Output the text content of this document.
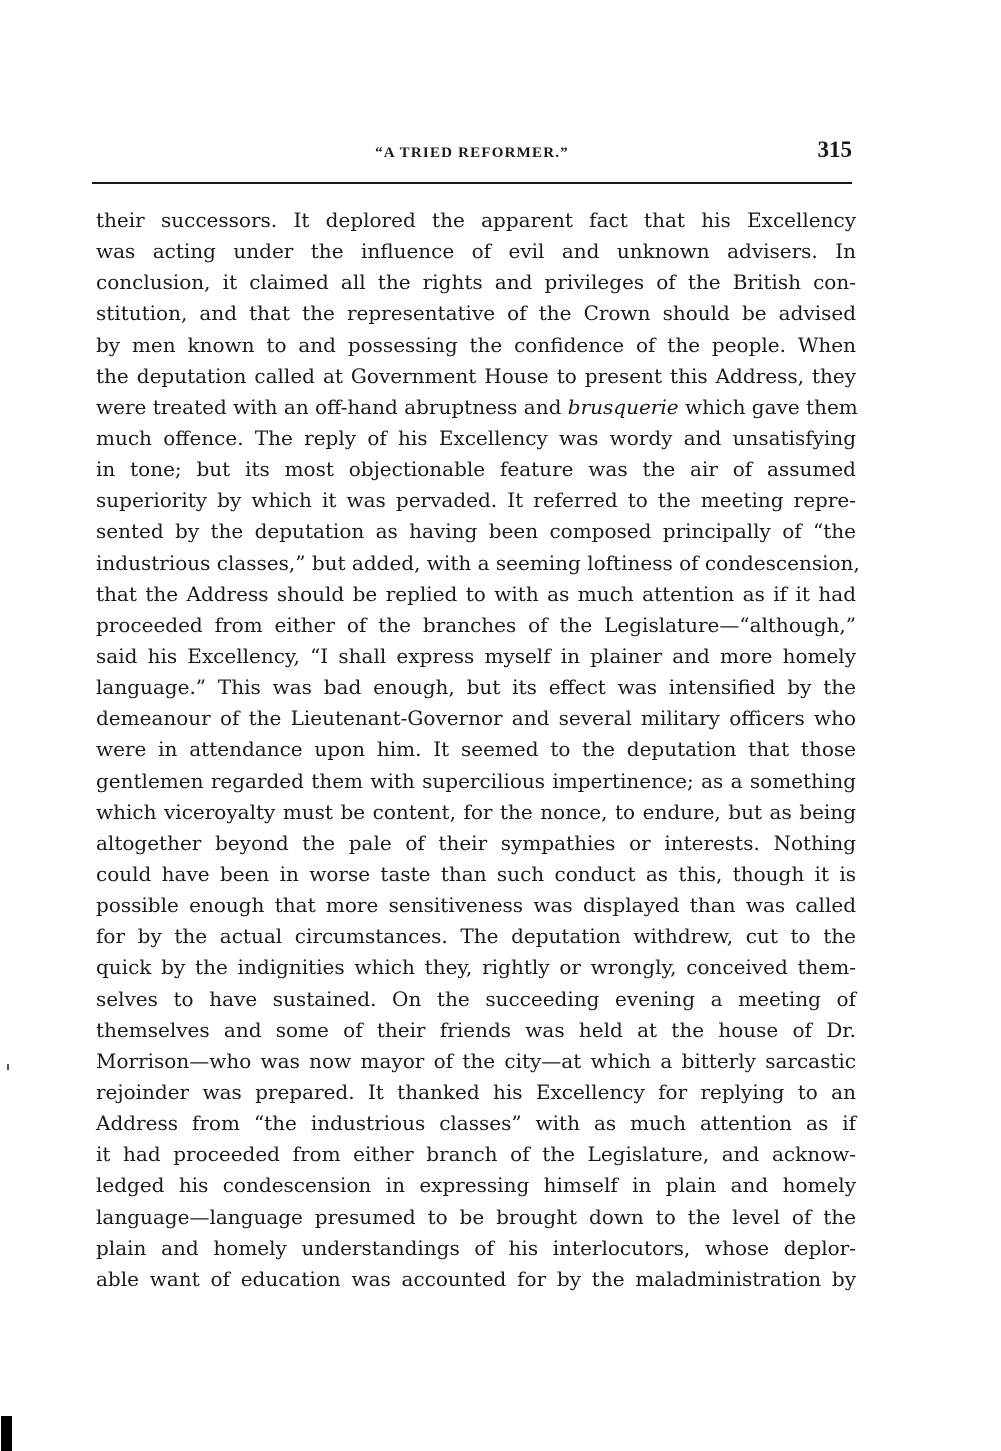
“A TRIED REFORMER.”	315
their successors. It deplored the apparent fact that his Excellency
was acting under the influence of evil and unknown advisers. In
conclusion, it claimed all the rights and privileges of the British con-
stitution, and that the representative of the Crown should be advised
by men known to and possessing the confidence of the people. When
the deputation called at Government House to present this Address, they
were treated with an off-hand abruptness and brusquerie which gave them
much offence. The reply of his Excellency was wordy and unsatisfying
in tone; but its most objectionable feature was the air of assumed
superiority by which it was pervaded. It referred to the meeting repre-
sented by the deputation as having been composed principally of “the
industrious classes,” but added, with a seeming loftiness of condescension,
that the Address should be replied to with as much attention as if it had
proceeded from either of the branches of the Legislature—“although,”
said his Excellency, “I shall express myself in plainer and more homely
language.” This was bad enough, but its effect was intensified by the
demeanour of the Lieutenant-Governor and several military officers who
were in attendance upon him. It seemed to the deputation that those
gentlemen regarded them with supercilious impertinence; as a something
which viceroyalty must be content, for the nonce, to endure, but as being
altogether beyond the pale of their sympathies or interests. Nothing
could have been in worse taste than such conduct as this, though it is
possible enough that more sensitiveness was displayed than was called
for by the actual circumstances. The deputation withdrew, cut to the
quick by the indignities which they, rightly or wrongly, conceived them-
selves to have sustained. On the succeeding evening a meeting of
themselves and some of their friends was held at the house of Dr.
Morrison—who was now mayor of the city—at which a bitterly sarcastic
rejoinder was prepared. It thanked his Excellency for replying to an
Address from “the industrious classes” with as much attention as if
it had proceeded from either branch of the Legislature, and acknow-
ledged his condescension in expressing himself in plain and homely
language—language presumed to be brought down to the level of the
plain and homely understandings of his interlocutors, whose deplor-
able want of education was accounted for by the maladministration by
